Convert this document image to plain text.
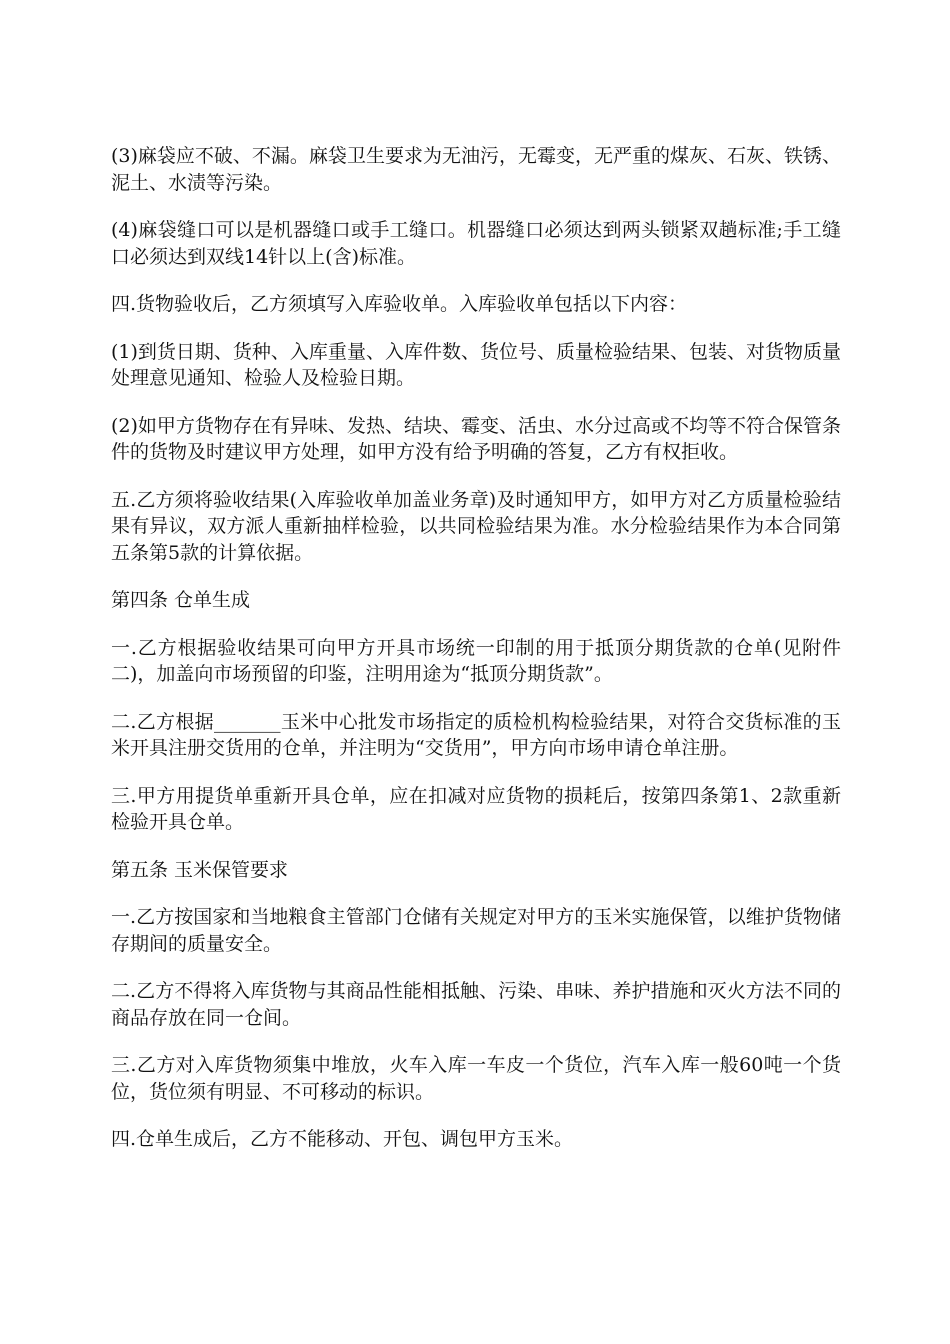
(3)麻袋应不破、不漏。麻袋卫生要求为无油污，无霉变，无严重的煤灰、石灰、铁锈、泥土、水渍等污染。

(4)麻袋缝口可以是机器缝口或手工缝口。机器缝口必须达到两头锁紧双趟标准;手工缝口必须达到双线14针以上(含)标准。

四.货物验收后，乙方须填写入库验收单。入库验收单包括以下内容：

(1)到货日期、货种、入库重量、入库件数、货位号、质量检验结果、包装、对货物质量处理意见通知、检验人及检验日期。

(2)如甲方货物存在有异味、发热、结块、霉变、活虫、水分过高或不均等不符合保管条件的货物及时建议甲方处理，如甲方没有给予明确的答复，乙方有权拒收。

五.乙方须将验收结果(入库验收单加盖业务章)及时通知甲方，如甲方对乙方质量检验结果有异议，双方派人重新抽样检验，以共同检验结果为准。水分检验结果作为本合同第五条第5款的计算依据。

第四条 仓单生成

一.乙方根据验收结果可向甲方开具市场统一印制的用于抵顶分期货款的仓单(见附件二)，加盖向市场预留的印鉴，注明用途为“抵顶分期货款”。

二.乙方根据_______玉米中心批发市场指定的质检机构检验结果，对符合交货标准的玉米开具注册交货用的仓单，并注明为“交货用”，甲方向市场申请仓单注册。

三.甲方用提货单重新开具仓单，应在扣减对应货物的损耗后，按第四条第1、2款重新检验开具仓单。

第五条 玉米保管要求

一.乙方按国家和当地粮食主管部门仓储有关规定对甲方的玉米实施保管，以维护货物储存期间的质量安全。

二.乙方不得将入库货物与其商品性能相抵触、污染、串味、养护措施和灭火方法不同的商品存放在同一仓间。

三.乙方对入库货物须集中堆放，火车入库一车皮一个货位，汽车入库一般60吨一个货位，货位须有明显、不可移动的标识。

四.仓单生成后，乙方不能移动、开包、调包甲方玉米。
